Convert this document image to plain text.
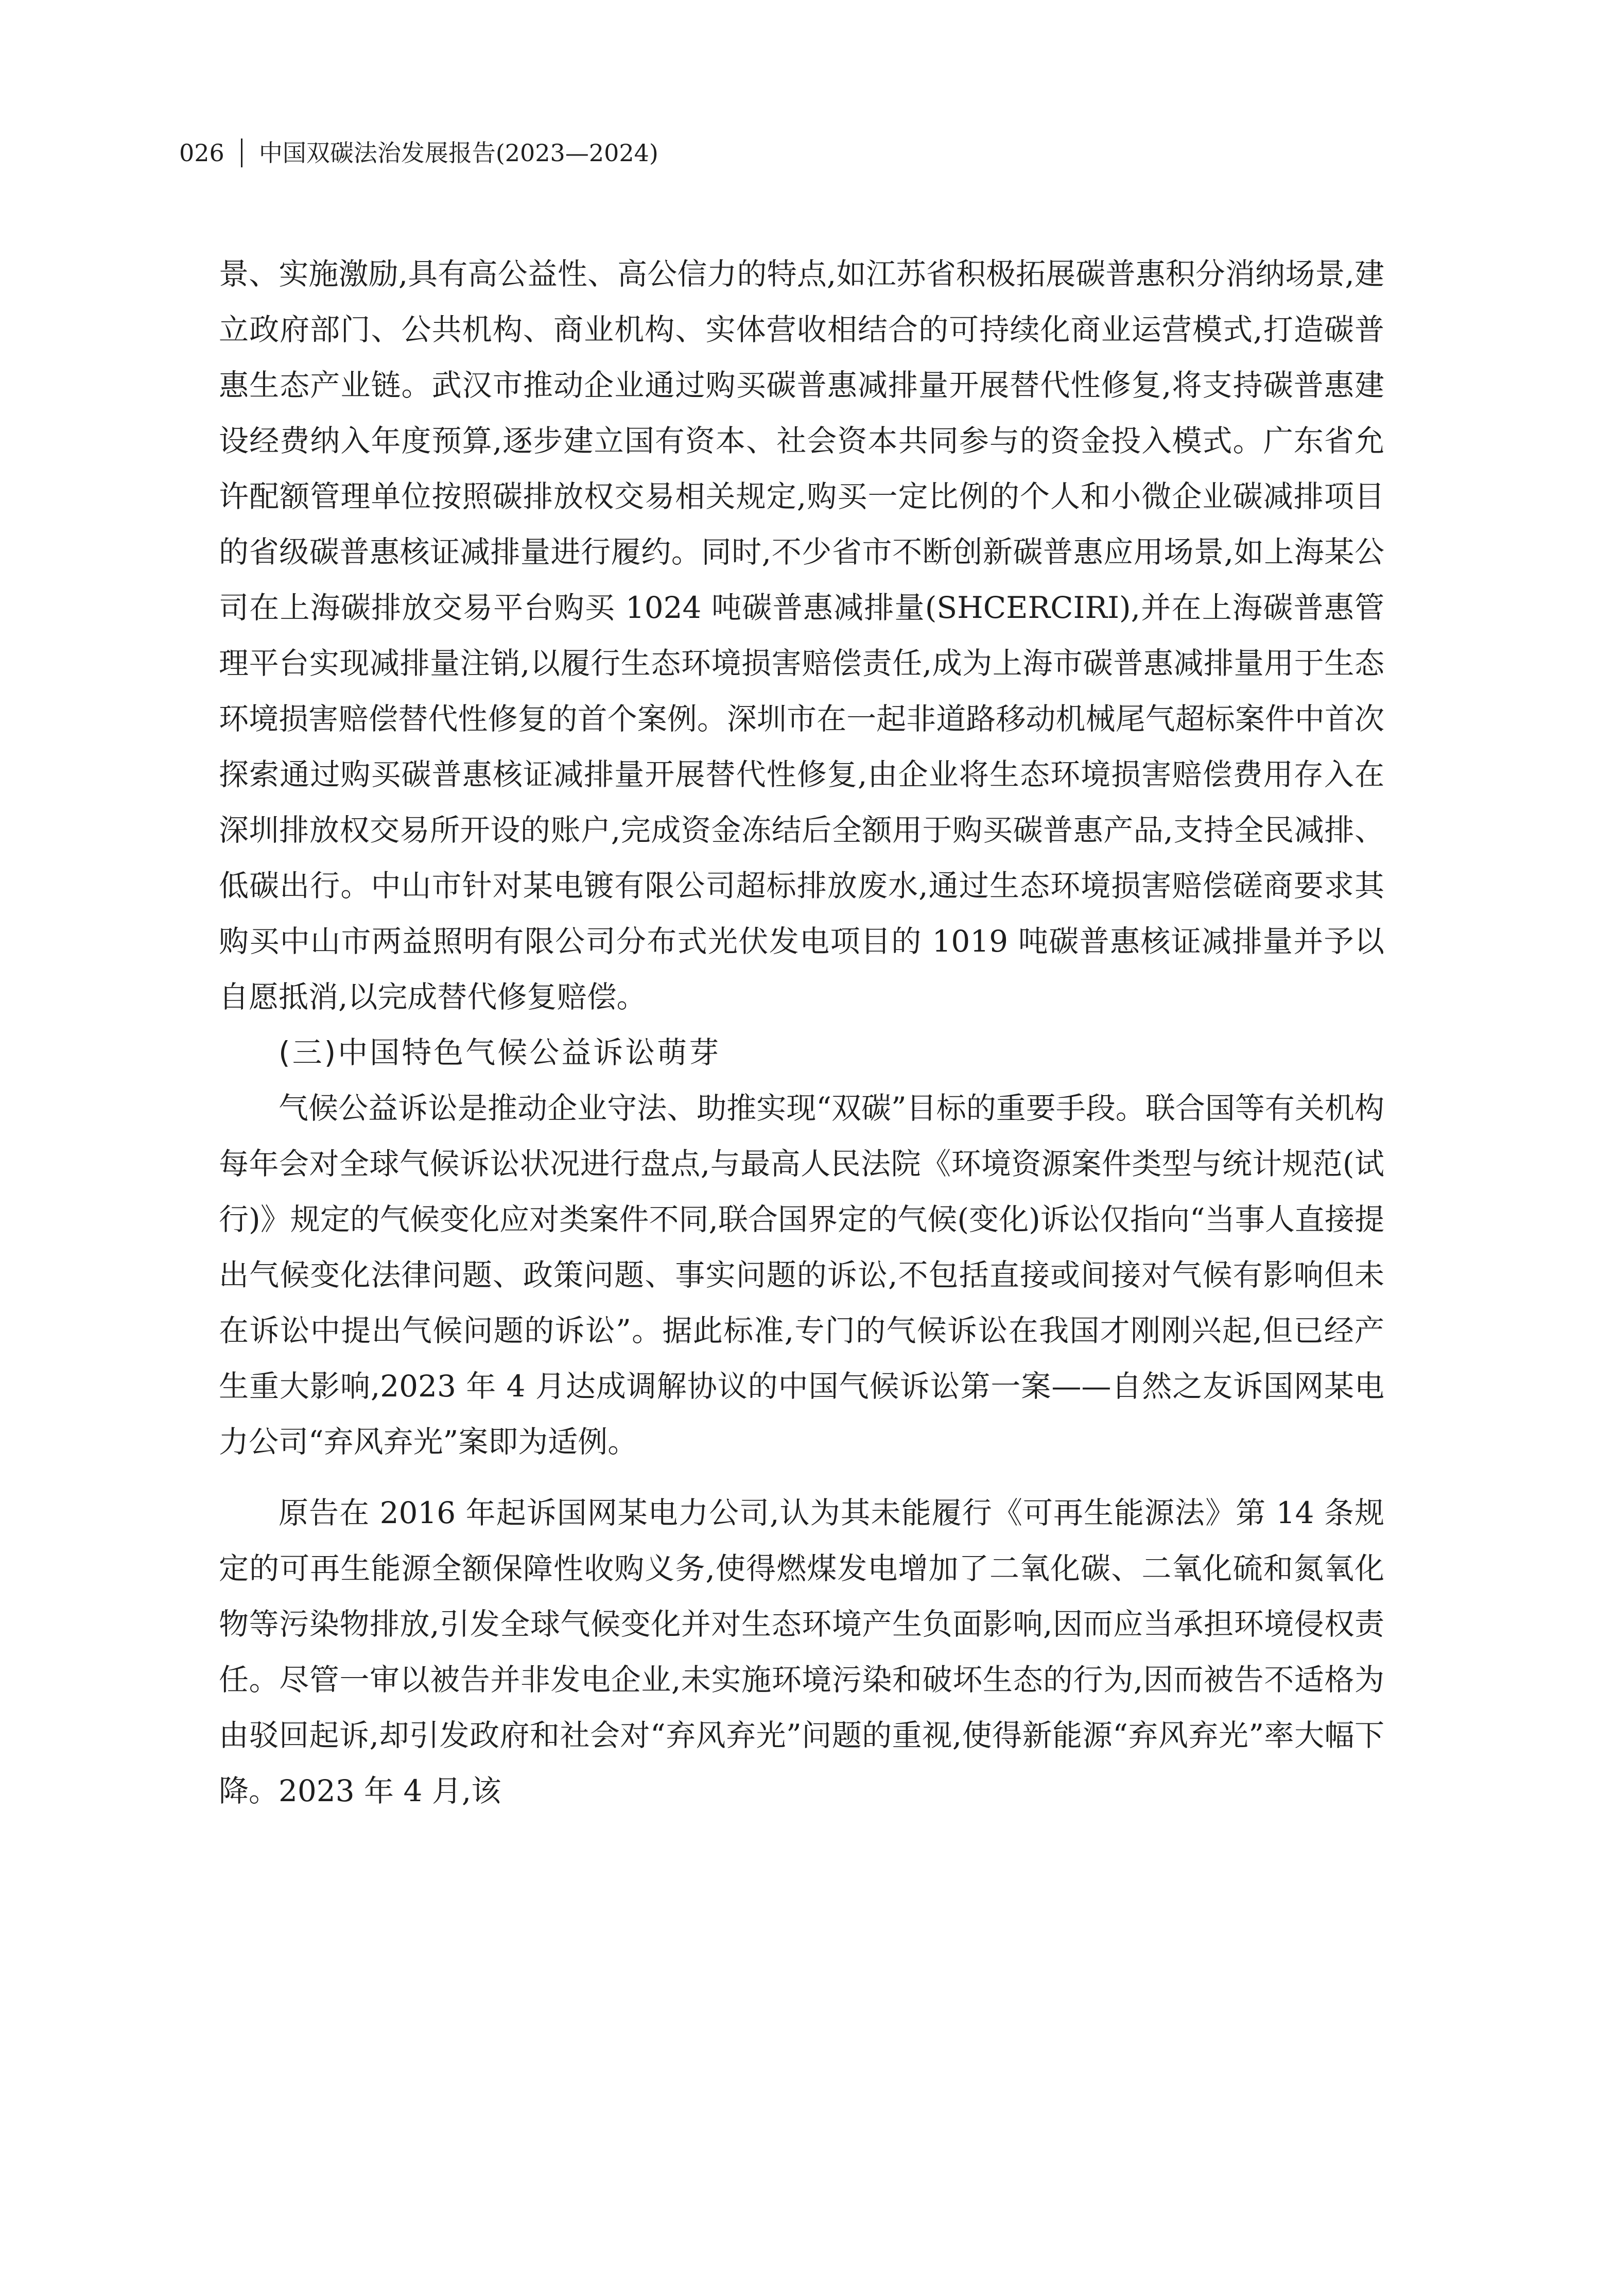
026 中国双碳法治发展报告(2023—2024)

景、实施激励,具有高公益性、高公信力的特点,如江苏省积极拓展碳普惠积分消纳场景,建立政府部门、公共机构、商业机构、实体营收相结合的可持续化商业运营模式,打造碳普惠生态产业链。武汉市推动企业通过购买碳普惠减排量开展替代性修复,将支持碳普惠建设经费纳入年度预算,逐步建立国有资本、社会资本共同参与的资金投入模式。广东省允许配额管理单位按照碳排放权交易相关规定,购买一定比例的个人和小微企业碳减排项目的省级碳普惠核证减排量进行履约。同时,不少省市不断创新碳普惠应用场景,如上海某公司在上海碳排放交易平台购买 1024 吨碳普惠减排量(SHCERCIRI),并在上海碳普惠管理平台实现减排量注销,以履行生态环境损害赔偿责任,成为上海市碳普惠减排量用于生态环境损害赔偿替代性修复的首个案例。深圳市在一起非道路移动机械尾气超标案件中首次探索通过购买碳普惠核证减排量开展替代性修复,由企业将生态环境损害赔偿费用存入在深圳排放权交易所开设的账户,完成资金冻结后全额用于购买碳普惠产品,支持全民减排、低碳出行。中山市针对某电镀有限公司超标排放废水,通过生态环境损害赔偿磋商要求其购买中山市两益照明有限公司分布式光伏发电项目的 1019 吨碳普惠核证减排量并予以自愿抵消,以完成替代修复赔偿。

(三)中国特色气候公益诉讼萌芽

气候公益诉讼是推动企业守法、助推实现“双碳”目标的重要手段。联合国等有关机构每年会对全球气候诉讼状况进行盘点,与最高人民法院《环境资源案件类型与统计规范(试行)》规定的气候变化应对类案件不同,联合国界定的气候(变化)诉讼仅指向“当事人直接提出气候变化法律问题、政策问题、事实问题的诉讼,不包括直接或间接对气候有影响但未在诉讼中提出气候问题的诉讼”。据此标准,专门的气候诉讼在我国才刚刚兴起,但已经产生重大影响,2023 年 4 月达成调解协议的中国气候诉讼第一案——自然之友诉国网某电力公司“弃风弃光”案即为适例。

原告在 2016 年起诉国网某电力公司,认为其未能履行《可再生能源法》第 14 条规定的可再生能源全额保障性收购义务,使得燃煤发电增加了二氧化碳、二氧化硫和氮氧化物等污染物排放,引发全球气候变化并对生态环境产生负面影响,因而应当承担环境侵权责任。尽管一审以被告并非发电企业,未实施环境污染和破坏生态的行为,因而被告不适格为由驳回起诉,却引发政府和社会对“弃风弃光”问题的重视,使得新能源“弃风弃光”率大幅下降。2023 年 4 月,该
